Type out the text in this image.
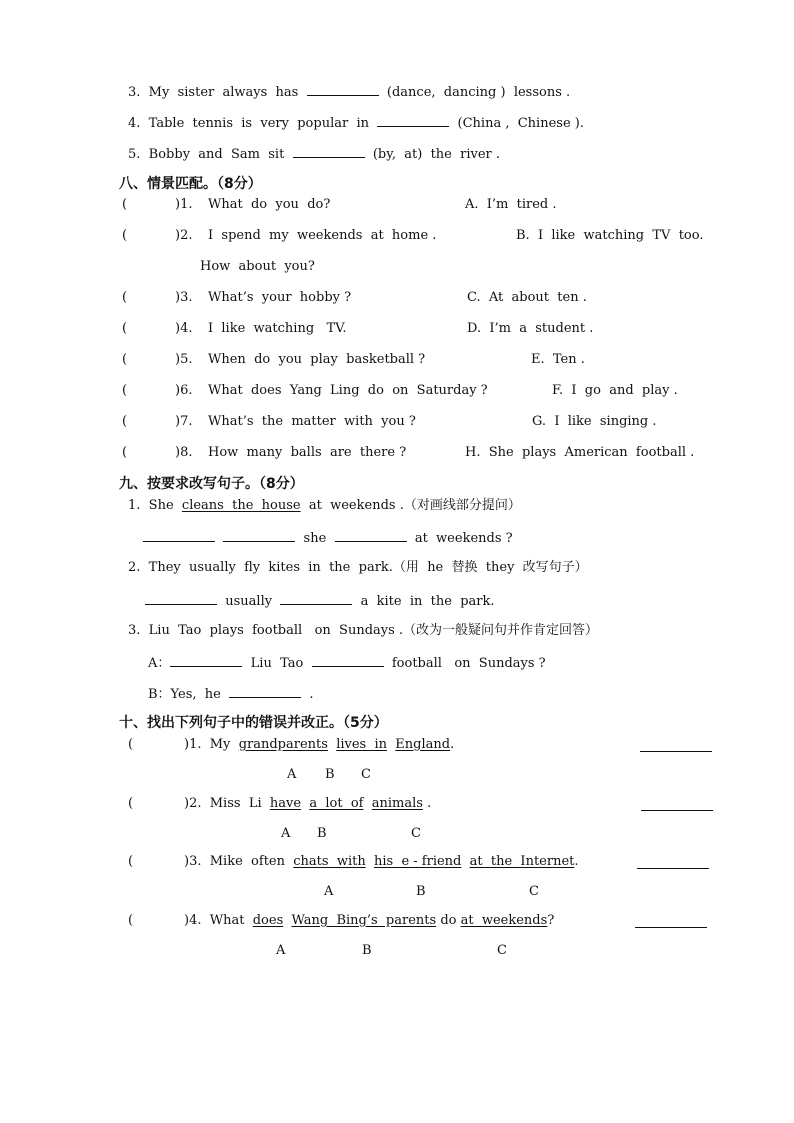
3. My  sister  always  has	(dance,  dancing )  lessons .
4. Table  tennis  is  very  popular  in	(China ,  Chinese ).
5. Bobby  and  Sam  sit	(by,  at)  the  river .
八、情景匹配。（8分）
(	)1. What  do  you  do?	A.  I’m  tired .
(	)2. I  spend  my  weekends  at  home .	B.  I  like  watching  TV  too.
How  about  you?
(	)3. What’s  your  hobby ?	C.  At  about  ten .
(	)4. I  like  watching   TV.	D.  I’m  a  student .
(	)5. When  do  you  play  basketball ?	E.  Ten .
(	)6. What  does  Yang  Ling  do  on  Saturday ?	F.  I  go  and  play .
(	)7. What’s  the  matter  with  you ?	G.  I  like  singing .
(	)8. How  many  balls  are  there ?	H.  She  plays  American  football .
九、按要求改写句子。（8分）
1. She cleans  the  house at  weekends .（对画线部分提问）
she	at  weekends ?
2. They  usually  fly  kites  in  the  park.（用  he  替换  they  改写句子）
usually	a  kite  in  the  park.
3. Liu  Tao  plays  football   on  Sundays .（改为一般疑问句并作肯定回答）
A：	Liu  Tao	football   on  Sundays ?
B：Yes,  he	.
十、找出下列句子中的错误并改正。（5分）
(	)1. My  grandparents lives  in England.
A B C
(	)2. Miss  Li  have a  lot  of animals .
A B	C
(	)3. Mike  often  chats  with his  e - friend at  the  Internet.
A	B	C
(	)4. What  does Wang  Bing’s  parents do at  weekends?
A	B	C
